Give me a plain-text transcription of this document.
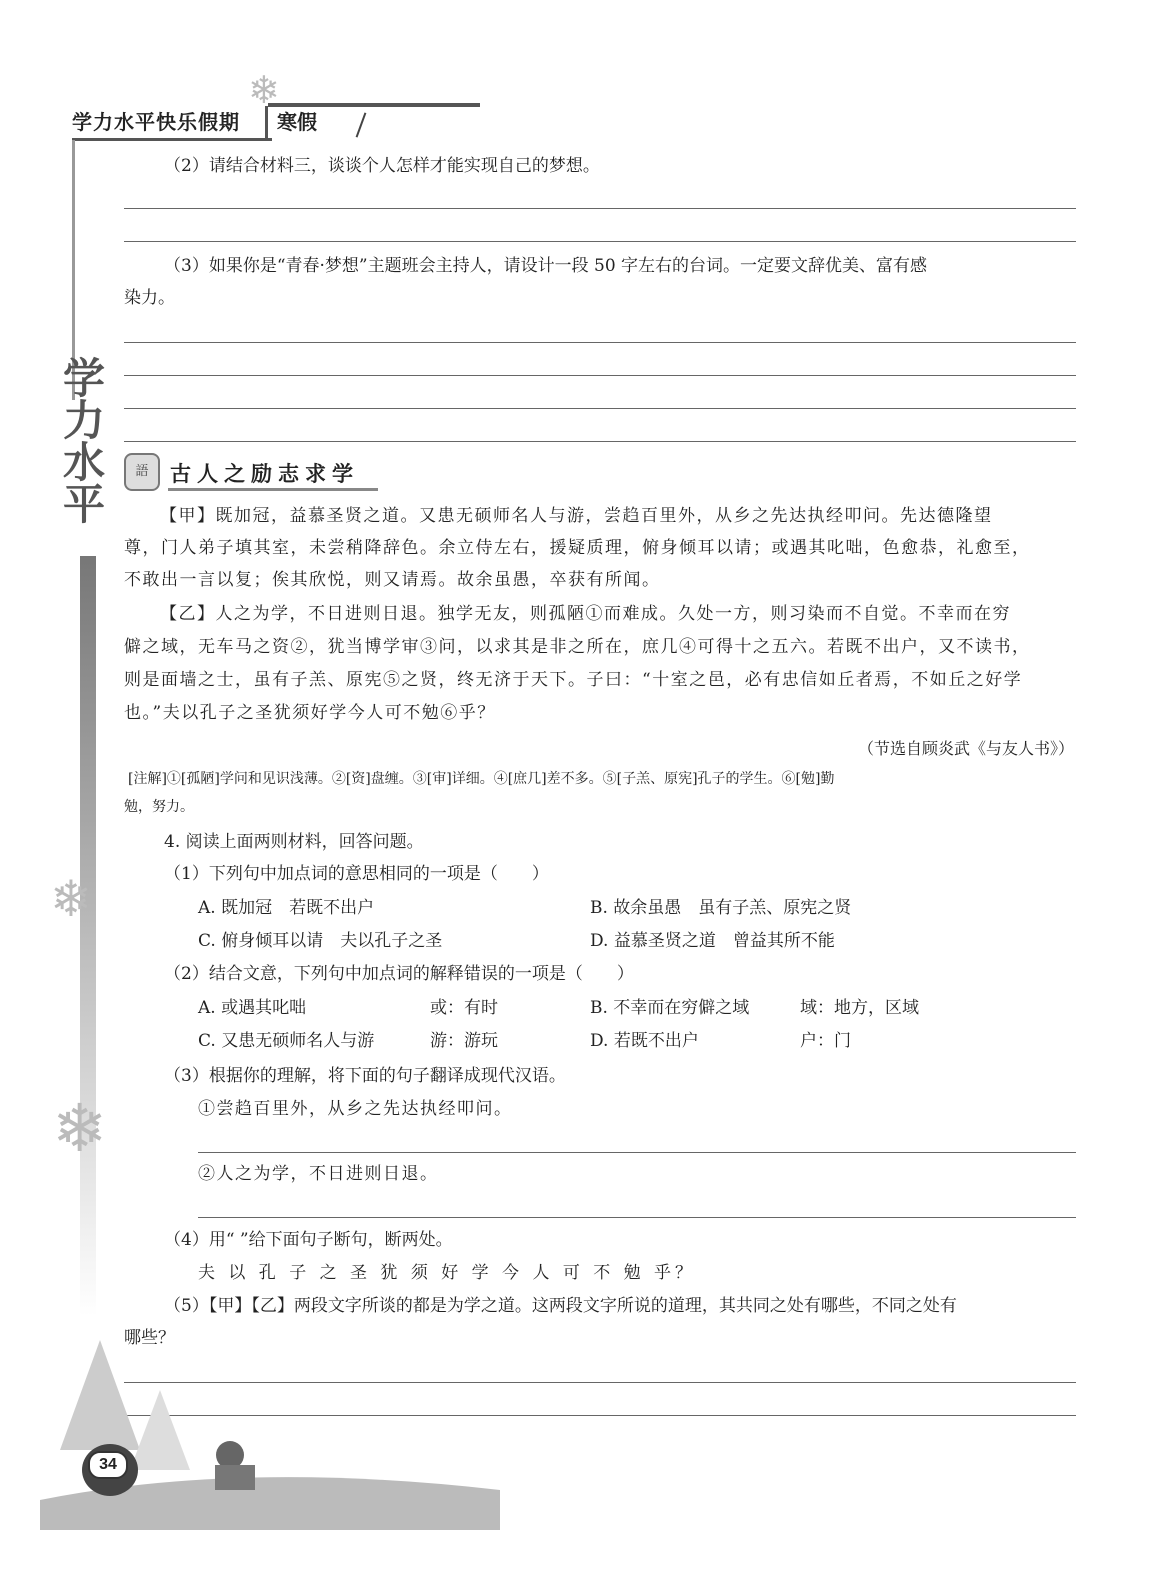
学力水平快乐假期 寒假
❄
学力水平
❄
❄
（2）请结合材料三，谈谈个人怎样才能实现自己的梦想。
（3）如果你是“青春·梦想”主题班会主持人，请设计一段 50 字左右的台词。一定要文辞优美、富有感
染力。
語	古人之励志求学
【甲】既加冠，益慕圣贤之道。又患无硕师名人与游，尝趋百里外，从乡之先达执经叩问。先达德隆望
尊，门人弟子填其室，未尝稍降辞色。余立侍左右，援疑质理，俯身倾耳以请；或遇其叱咄，色愈恭，礼愈至，
不敢出一言以复；俟其欣悦，则又请焉。故余虽愚，卒获有所闻。
【乙】人之为学，不日进则日退。独学无友，则孤陋①而难成。久处一方，则习染而不自觉。不幸而在穷
僻之域，无车马之资②，犹当博学审③问，以求其是非之所在，庶几④可得十之五六。若既不出户，又不读书，
则是面墙之士，虽有子羔、原宪⑤之贤，终无济于天下。子曰：“十室之邑，必有忠信如丘者焉，不如丘之好学
也。”夫以孔子之圣犹须好学今人可不勉⑥乎？
（节选自顾炎武《与友人书》）
[注解]①[孤陋]学问和见识浅薄。②[资]盘缠。③[审]详细。④[庶几]差不多。⑤[子羔、原宪]孔子的学生。⑥[勉]勤
勉，努力。
4. 阅读上面两则材料，回答问题。
（1）下列句中加点词的意思相同的一项是（　　）
A. 既加冠　若既不出户	B. 故余虽愚　虽有子羔、原宪之贤
C. 俯身倾耳以请　夫以孔子之圣	D. 益慕圣贤之道　曾益其所不能
（2）结合文意，下列句中加点词的解释错误的一项是（　　）
A. 或遇其叱咄	或：有时	B. 不幸而在穷僻之域	域：地方，区域
C. 又患无硕师名人与游	游：游玩	D. 若既不出户	户：门
（3）根据你的理解，将下面的句子翻译成现代汉语。
①尝趋百里外，从乡之先达执经叩问。
②人之为学，不日进则日退。
（4）用“ ”给下面句子断句，断两处。
夫 以 孔 子 之 圣 犹 须 好 学 今 人 可 不 勉 乎？
（5）【甲】【乙】两段文字所谈的都是为学之道。这两段文字所说的道理，其共同之处有哪些，不同之处有
哪些？
34
